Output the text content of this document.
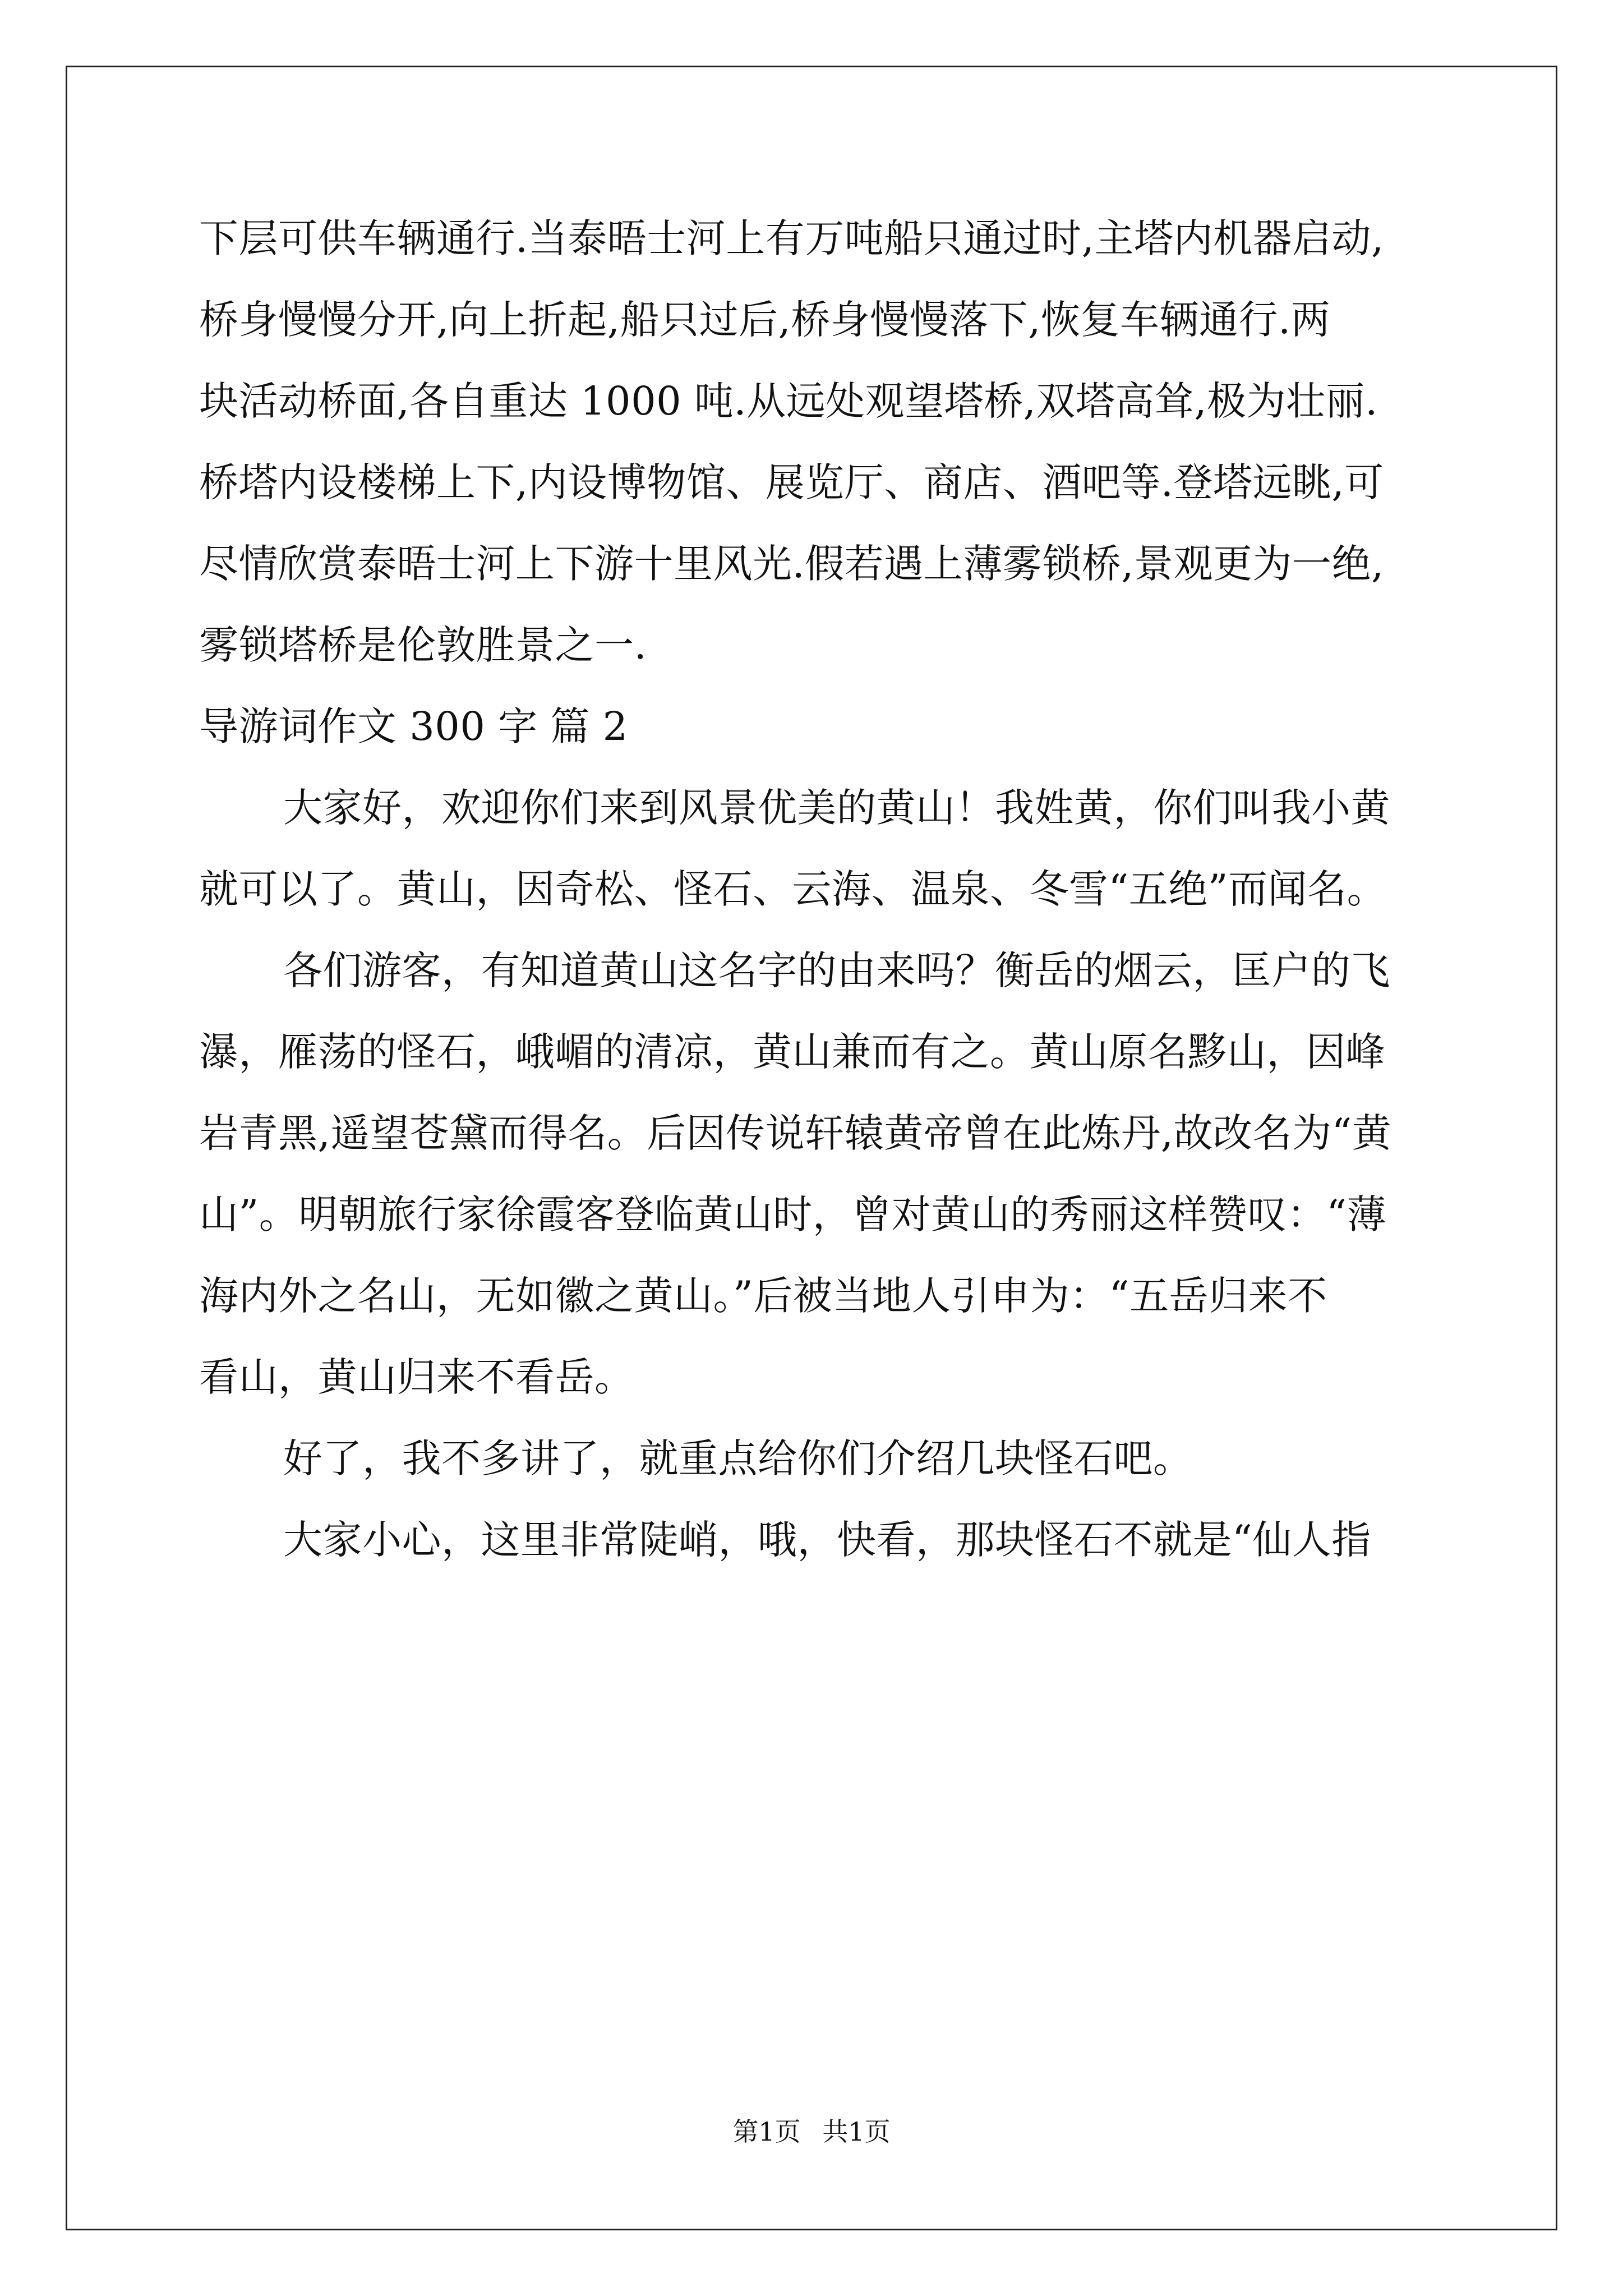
下层可供车辆通行.当泰晤士河上有万吨船只通过时,主塔内机器启动,
桥身慢慢分开,向上折起,船只过后,桥身慢慢落下,恢复车辆通行.两
块活动桥面,各自重达 1000 吨.从远处观望塔桥,双塔高耸,极为壮丽.
桥塔内设楼梯上下,内设博物馆、展览厅、商店、酒吧等.登塔远眺,可
尽情欣赏泰晤士河上下游十里风光.假若遇上薄雾锁桥,景观更为一绝,
雾锁塔桥是伦敦胜景之一.
导游词作文 300 字 篇 2
大家好，欢迎你们来到风景优美的黄山！我姓黄，你们叫我小黄
就可以了。黄山，因奇松、怪石、云海、温泉、冬雪“五绝”而闻名。
各们游客，有知道黄山这名字的由来吗？衡岳的烟云，匡户的飞
瀑，雁荡的怪石，峨嵋的清凉，黄山兼而有之。黄山原名黟山，因峰
岩青黑,遥望苍黛而得名。后因传说轩辕黄帝曾在此炼丹,故改名为“黄
山”。明朝旅行家徐霞客登临黄山时，曾对黄山的秀丽这样赞叹：“薄
海内外之名山，无如徽之黄山。”后被当地人引申为：“五岳归来不
看山，黄山归来不看岳。
好了，我不多讲了，就重点给你们介绍几块怪石吧。
大家小心，这里非常陡峭，哦，快看，那块怪石不就是“仙人指
第1页 共1页
